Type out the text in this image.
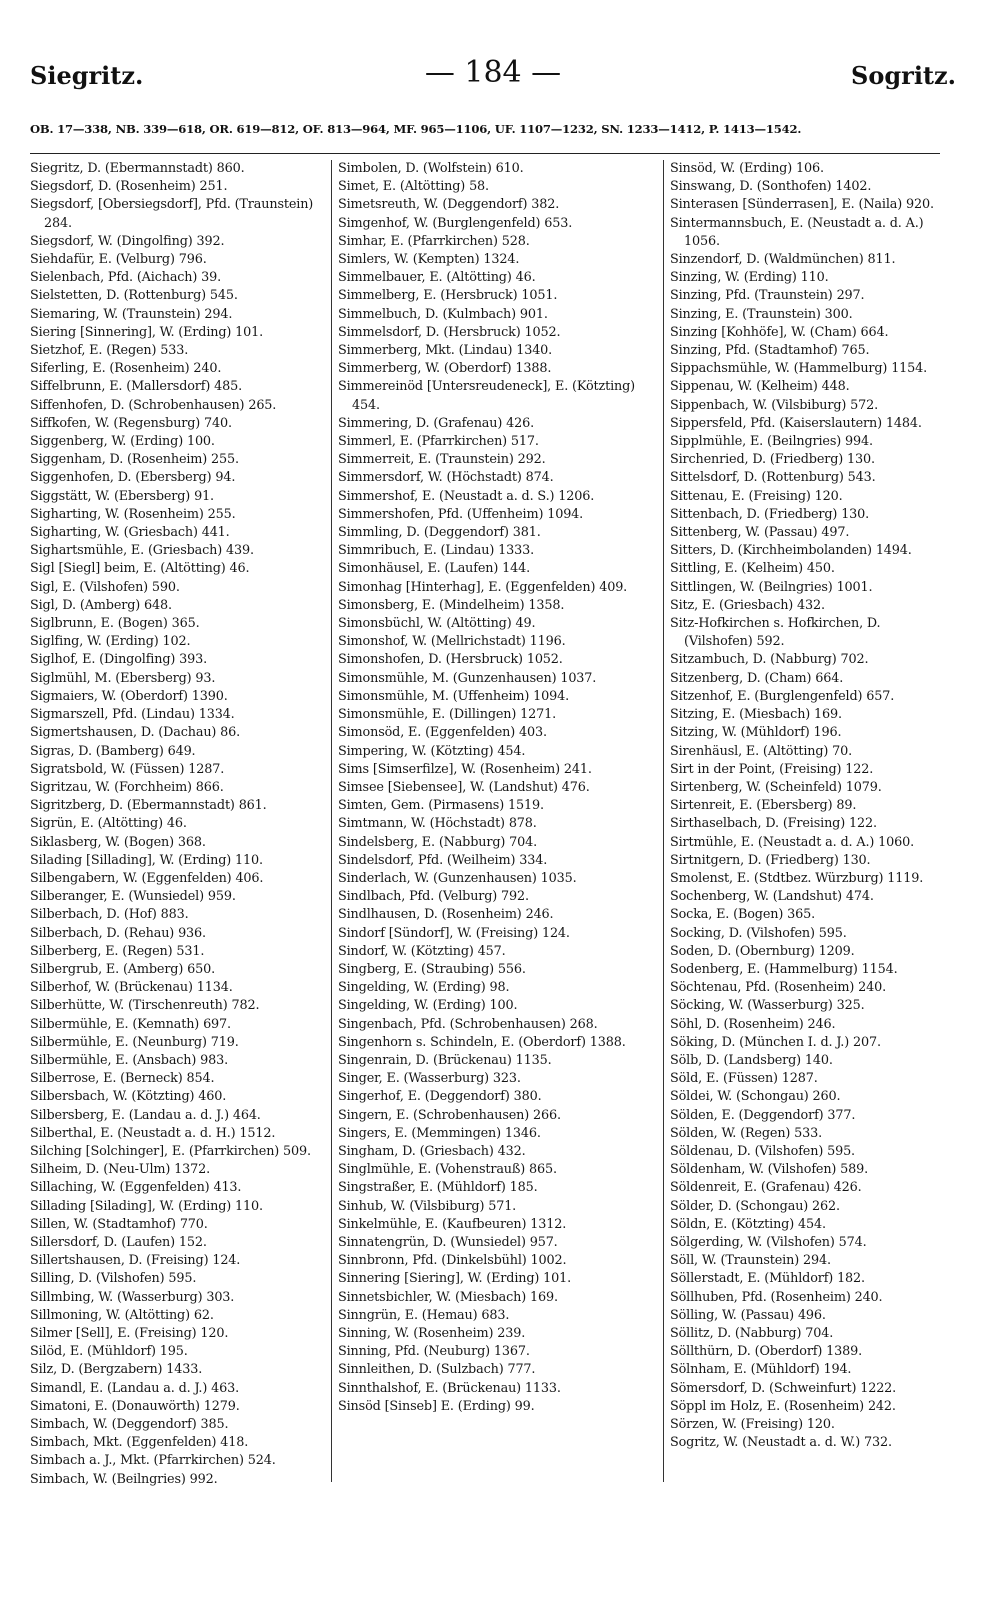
Siegritz.	— 184 —	Sogritz.
OB. 17—338, NB. 339—618, OR. 619—812, OF. 813—964, MF. 965—1106, UF. 1107—1232, SN. 1233—1412, P. 1413—1542.
Siegritz, D. (Ebermannstadt) 860.
Siegsdorf, D. (Rosenheim) 251.
Siegsdorf, [Obersiegsdorf], Pfd. (Traunstein) 284.
Siegsdorf, W. (Dingolfing) 392.
Siehdafür, E. (Velburg) 796.
Sielenbach, Pfd. (Aichach) 39.
Sielstetten, D. (Rottenburg) 545.
Siemaring, W. (Traunstein) 294.
Siering [Sinnering], W. (Erding) 101.
Sietzhof, E. (Regen) 533.
Siferling, E. (Rosenheim) 240.
Siffelbrunn, E. (Mallersdorf) 485.
Siffenhofen, D. (Schrobenhausen) 265.
Siffkofen, W. (Regensburg) 740.
Siggenberg, W. (Erding) 100.
Siggenham, D. (Rosenheim) 255.
Siggenhofen, D. (Ebersberg) 94.
Siggstätt, W. (Ebersberg) 91.
Sigharting, W. (Rosenheim) 255.
Sigharting, W. (Griesbach) 441.
Sighartsmühle, E. (Griesbach) 439.
Sigl [Siegl] beim, E. (Altötting) 46.
Sigl, E. (Vilshofen) 590.
Sigl, D. (Amberg) 648.
Siglbrunn, E. (Bogen) 365.
Siglfing, W. (Erding) 102.
Siglhof, E. (Dingolfing) 393.
Siglmühl, M. (Ebersberg) 93.
Sigmaiers, W. (Oberdorf) 1390.
Sigmarszell, Pfd. (Lindau) 1334.
Sigmertshausen, D. (Dachau) 86.
Sigras, D. (Bamberg) 649.
Sigratsbold, W. (Füssen) 1287.
Sigritzau, W. (Forchheim) 866.
Sigritzberg, D. (Ebermannstadt) 861.
Sigrün, E. (Altötting) 46.
Siklasberg, W. (Bogen) 368.
Silading [Sillading], W. (Erding) 110.
Silbengabern, W. (Eggenfelden) 406.
Silberanger, E. (Wunsiedel) 959.
Silberbach, D. (Hof) 883.
Silberbach, D. (Rehau) 936.
Silberberg, E. (Regen) 531.
Silbergrub, E. (Amberg) 650.
Silberhof, W. (Brückenau) 1134.
Silberhütte, W. (Tirschenreuth) 782.
Silbermühle, E. (Kemnath) 697.
Silbermühle, E. (Neunburg) 719.
Silbermühle, E. (Ansbach) 983.
Silberrose, E. (Berneck) 854.
Silbersbach, W. (Kötzting) 460.
Silbersberg, E. (Landau a. d. J.) 464.
Silberthal, E. (Neustadt a. d. H.) 1512.
Silching [Solchinger], E. (Pfarrkirchen) 509.
Silheim, D. (Neu-Ulm) 1372.
Sillaching, W. (Eggenfelden) 413.
Sillading [Silading], W. (Erding) 110.
Sillen, W. (Stadtamhof) 770.
Sillersdorf, D. (Laufen) 152.
Sillertshausen, D. (Freising) 124.
Silling, D. (Vilshofen) 595.
Sillmbing, W. (Wasserburg) 303.
Sillmoning, W. (Altötting) 62.
Silmer [Sell], E. (Freising) 120.
Silöd, E. (Mühldorf) 195.
Silz, D. (Bergzabern) 1433.
Simandl, E. (Landau a. d. J.) 463.
Simatoni, E. (Donauwörth) 1279.
Simbach, W. (Deggendorf) 385.
Simbach, Mkt. (Eggenfelden) 418.
Simbach a. J., Mkt. (Pfarrkirchen) 524.
Simbach, W. (Beilngries) 992.
Simbolen, D. (Wolfstein) 610.
Simet, E. (Altötting) 58.
Simetsreuth, W. (Deggendorf) 382.
Simgenhof, W. (Burglengenfeld) 653.
Simhar, E. (Pfarrkirchen) 528.
Simlers, W. (Kempten) 1324.
Simmelbauer, E. (Altötting) 46.
Simmelberg, E. (Hersbruck) 1051.
Simmelbuch, D. (Kulmbach) 901.
Simmelsdorf, D. (Hersbruck) 1052.
Simmerberg, Mkt. (Lindau) 1340.
Simmerberg, W. (Oberdorf) 1388.
Simmereinöd [Untersreudeneck], E. (Kötzting) 454.
Simmering, D. (Grafenau) 426.
Simmerl, E. (Pfarrkirchen) 517.
Simmerreit, E. (Traunstein) 292.
Simmersdorf, W. (Höchstadt) 874.
Simmershof, E. (Neustadt a. d. S.) 1206.
Simmershofen, Pfd. (Uffenheim) 1094.
Simmling, D. (Deggendorf) 381.
Simmribuch, E. (Lindau) 1333.
Simonhäusel, E. (Laufen) 144.
Simonhag [Hinterhag], E. (Eggenfelden) 409.
Simonsberg, E. (Mindelheim) 1358.
Simonsbüchl, W. (Altötting) 49.
Simonshof, W. (Mellrichstadt) 1196.
Simonshofen, D. (Hersbruck) 1052.
Simonsmühle, M. (Gunzenhausen) 1037.
Simonsmühle, M. (Uffenheim) 1094.
Simonsmühle, E. (Dillingen) 1271.
Simonsöd, E. (Eggenfelden) 403.
Simpering, W. (Kötzting) 454.
Sims [Simserfilze], W. (Rosenheim) 241.
Simsee [Siebensee], W. (Landshut) 476.
Simten, Gem. (Pirmasens) 1519.
Simtmann, W. (Höchstadt) 878.
Sindelsberg, E. (Nabburg) 704.
Sindelsdorf, Pfd. (Weilheim) 334.
Sinderlach, W. (Gunzenhausen) 1035.
Sindlbach, Pfd. (Velburg) 792.
Sindlhausen, D. (Rosenheim) 246.
Sindorf [Sündorf], W. (Freising) 124.
Sindorf, W. (Kötzting) 457.
Singberg, E. (Straubing) 556.
Singelding, W. (Erding) 98.
Singelding, W. (Erding) 100.
Singenbach, Pfd. (Schrobenhausen) 268.
Singenhorn s. Schindeln, E. (Oberdorf) 1388.
Singenrain, D. (Brückenau) 1135.
Singer, E. (Wasserburg) 323.
Singerhof, E. (Deggendorf) 380.
Singern, E. (Schrobenhausen) 266.
Singers, E. (Memmingen) 1346.
Singham, D. (Griesbach) 432.
Singlmühle, E. (Vohenstrauß) 865.
Singstraßer, E. (Mühldorf) 185.
Sinhub, W. (Vilsbiburg) 571.
Sinkelmühle, E. (Kaufbeuren) 1312.
Sinnatengrün, D. (Wunsiedel) 957.
Sinnbronn, Pfd. (Dinkelsbühl) 1002.
Sinnering [Siering], W. (Erding) 101.
Sinnetsbichler, W. (Miesbach) 169.
Sinngrün, E. (Hemau) 683.
Sinning, W. (Rosenheim) 239.
Sinning, Pfd. (Neuburg) 1367.
Sinnleithen, D. (Sulzbach) 777.
Sinnthalshof, E. (Brückenau) 1133.
Sinsöd [Sinseb] E. (Erding) 99.
Sinsöd, W. (Erding) 106.
Sinswang, D. (Sonthofen) 1402.
Sinterasen [Sünderrasen], E. (Naila) 920.
Sintermannsbuch, E. (Neustadt a. d. A.) 1056.
Sinzendorf, D. (Waldmünchen) 811.
Sinzing, W. (Erding) 110.
Sinzing, Pfd. (Traunstein) 297.
Sinzing, E. (Traunstein) 300.
Sinzing [Kohhöfe], W. (Cham) 664.
Sinzing, Pfd. (Stadtamhof) 765.
Sippachsmühle, W. (Hammelburg) 1154.
Sippenau, W. (Kelheim) 448.
Sippenbach, W. (Vilsbiburg) 572.
Sippersfeld, Pfd. (Kaiserslautern) 1484.
Sipplmühle, E. (Beilngries) 994.
Sirchenried, D. (Friedberg) 130.
Sittelsdorf, D. (Rottenburg) 543.
Sittenau, E. (Freising) 120.
Sittenbach, D. (Friedberg) 130.
Sittenberg, W. (Passau) 497.
Sitters, D. (Kirchheimbolanden) 1494.
Sittling, E. (Kelheim) 450.
Sittlingen, W. (Beilngries) 1001.
Sitz, E. (Griesbach) 432.
Sitz-Hofkirchen s. Hofkirchen, D. (Vilshofen) 592.
Sitzambuch, D. (Nabburg) 702.
Sitzenberg, D. (Cham) 664.
Sitzenhof, E. (Burglengenfeld) 657.
Sitzing, E. (Miesbach) 169.
Sitzing, W. (Mühldorf) 196.
Sirenhäusl, E. (Altötting) 70.
Sirt in der Point, (Freising) 122.
Sirtenberg, W. (Scheinfeld) 1079.
Sirtenreit, E. (Ebersberg) 89.
Sirthaselbach, D. (Freising) 122.
Sirtmühle, E. (Neustadt a. d. A.) 1060.
Sirtnitgern, D. (Friedberg) 130.
Smolenst, E. (Stdtbez. Würzburg) 1119.
Sochenberg, W. (Landshut) 474.
Socka, E. (Bogen) 365.
Socking, D. (Vilshofen) 595.
Soden, D. (Obernburg) 1209.
Sodenberg, E. (Hammelburg) 1154.
Söchtenau, Pfd. (Rosenheim) 240.
Söcking, W. (Wasserburg) 325.
Söhl, D. (Rosenheim) 246.
Söking, D. (München I. d. J.) 207.
Sölb, D. (Landsberg) 140.
Söld, E. (Füssen) 1287.
Söldei, W. (Schongau) 260.
Sölden, E. (Deggendorf) 377.
Sölden, W. (Regen) 533.
Söldenau, D. (Vilshofen) 595.
Söldenham, W. (Vilshofen) 589.
Söldenreit, E. (Grafenau) 426.
Sölder, D. (Schongau) 262.
Söldn, E. (Kötzting) 454.
Sölgerding, W. (Vilshofen) 574.
Söll, W. (Traunstein) 294.
Söllerstadt, E. (Mühldorf) 182.
Söllhuben, Pfd. (Rosenheim) 240.
Sölling, W. (Passau) 496.
Söllitz, D. (Nabburg) 704.
Söllthürn, D. (Oberdorf) 1389.
Sölnham, E. (Mühldorf) 194.
Sömersdorf, D. (Schweinfurt) 1222.
Söppl im Holz, E. (Rosenheim) 242.
Sörzen, W. (Freising) 120.
Sogritz, W. (Neustadt a. d. W.) 732.
